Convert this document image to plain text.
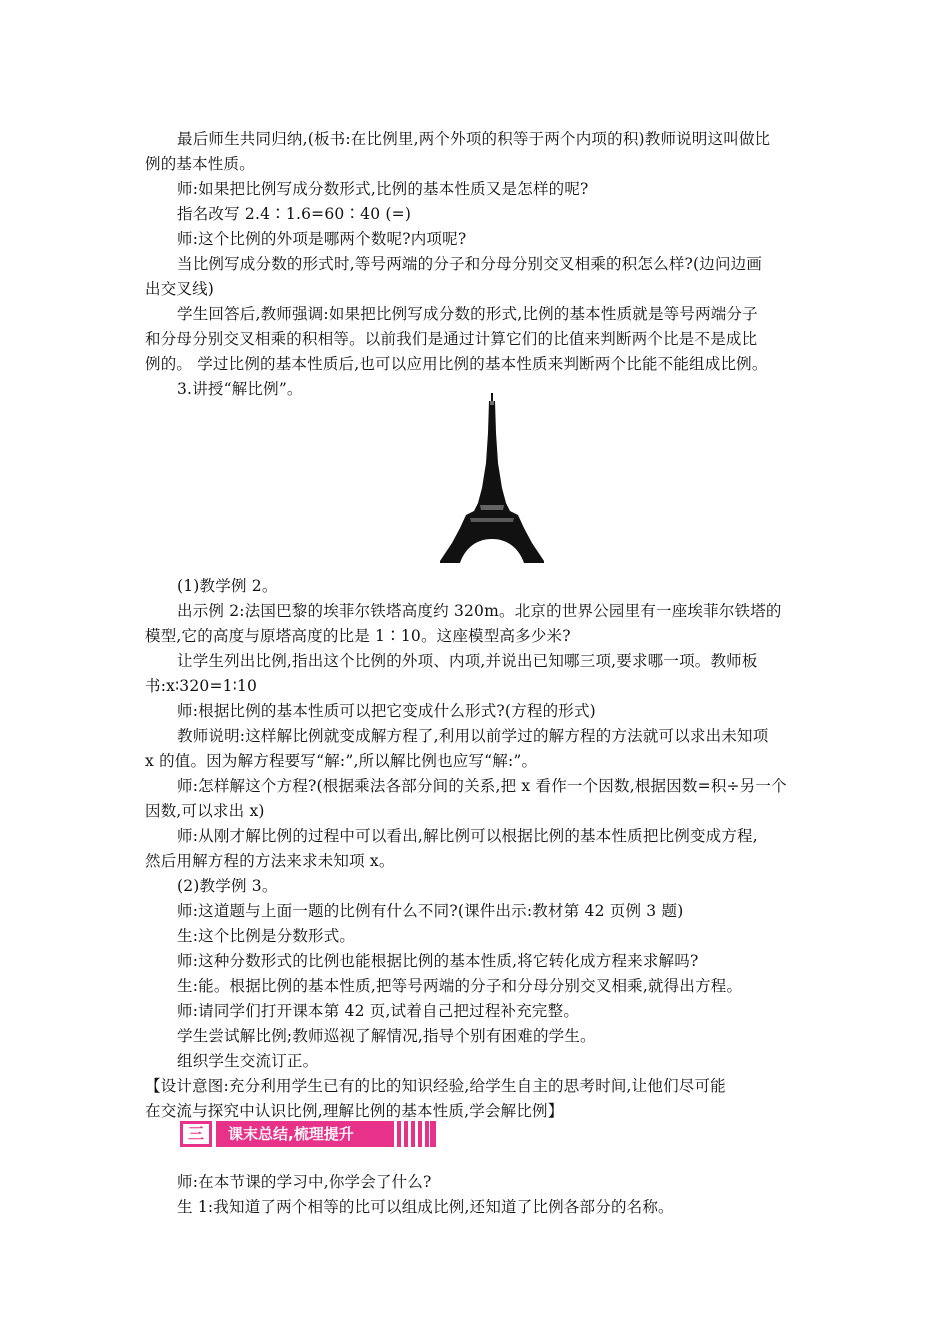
最后师生共同归纳,(板书:在比例里,两个外项的积等于两个内项的积)教师说明这叫做比
例的基本性质。
师:如果把比例写成分数形式,比例的基本性质又是怎样的呢?
指名改写 2.4∶1.6=60∶40 (=)
师:这个比例的外项是哪两个数呢?内项呢?
当比例写成分数的形式时,等号两端的分子和分母分别交叉相乘的积怎么样?(边问边画
出交叉线)
学生回答后,教师强调:如果把比例写成分数的形式,比例的基本性质就是等号两端分子
和分母分别交叉相乘的积相等。以前我们是通过计算它们的比值来判断两个比是不是成比
例的。 学过比例的基本性质后,也可以应用比例的基本性质来判断两个比能不能组成比例。
3.讲授“解比例”。
(1)教学例 2。
出示例 2:法国巴黎的埃菲尔铁塔高度约 320m。北京的世界公园里有一座埃菲尔铁塔的
模型,它的高度与原塔高度的比是 1∶10。这座模型高多少米?
让学生列出比例,指出这个比例的外项、内项,并说出已知哪三项,要求哪一项。教师板
书:x∶320=1∶10
师:根据比例的基本性质可以把它变成什么形式?(方程的形式)
教师说明:这样解比例就变成解方程了,利用以前学过的解方程的方法就可以求出未知项
x 的值。因为解方程要写“解:”,所以解比例也应写“解:”。
师:怎样解这个方程?(根据乘法各部分间的关系,把 x 看作一个因数,根据因数=积÷另一个
因数,可以求出 x)
师:从刚才解比例的过程中可以看出,解比例可以根据比例的基本性质把比例变成方程,
然后用解方程的方法来求未知项 x。
(2)教学例 3。
师:这道题与上面一题的比例有什么不同?(课件出示:教材第 42 页例 3 题)
生:这个比例是分数形式。
师:这种分数形式的比例也能根据比例的基本性质,将它转化成方程来求解吗?
生:能。根据比例的基本性质,把等号两端的分子和分母分别交叉相乘,就得出方程。
师:请同学们打开课本第 42 页,试着自己把过程补充完整。
学生尝试解比例;教师巡视了解情况,指导个别有困难的学生。
组织学生交流订正。
【设计意图:充分利用学生已有的比的知识经验,给学生自主的思考时间,让他们尽可能
在交流与探究中认识比例,理解比例的基本性质,学会解比例】
三	课末总结,梳理提升
师:在本节课的学习中,你学会了什么?
生 1:我知道了两个相等的比可以组成比例,还知道了比例各部分的名称。
